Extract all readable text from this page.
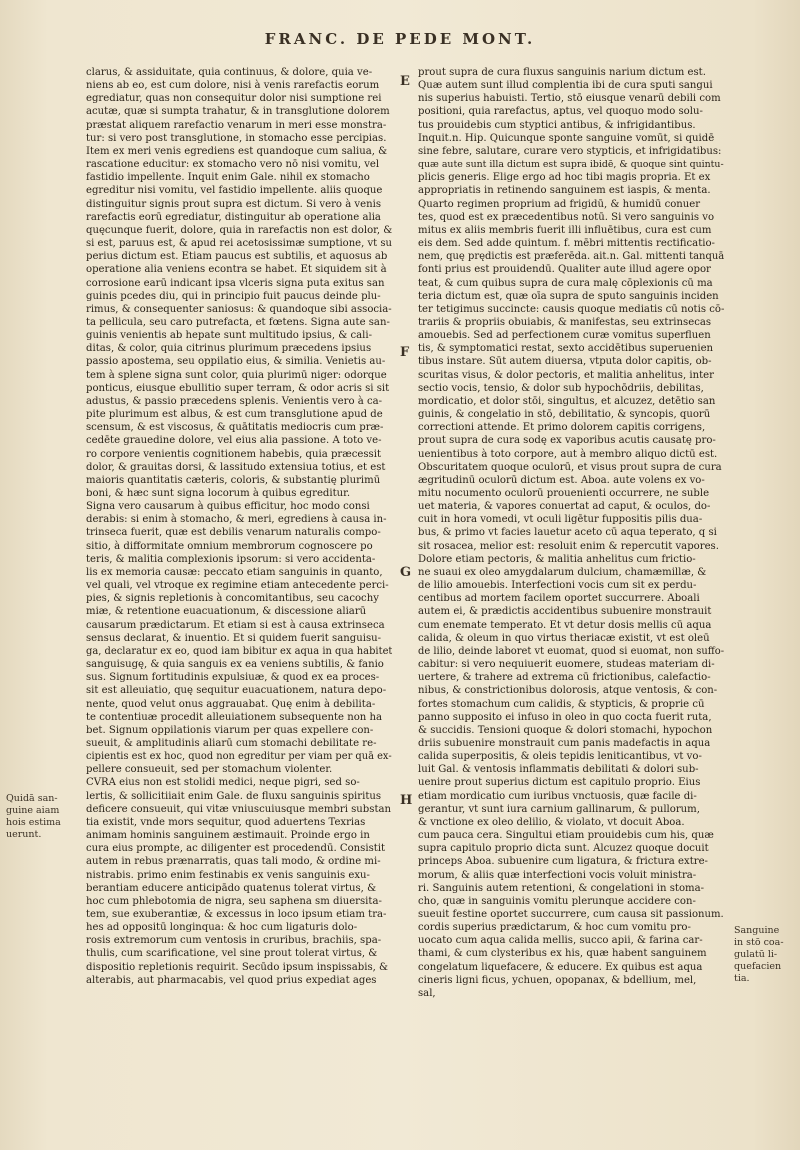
FRANC. DE PEDE MONT.
E
F
G
H
clarus, & assiduitate, quia continuus, & dolore, quia ve-
niens ab eo, est cum dolore, nisi à venis rarefactis eorum
egrediatur, quas non consequitur dolor nisi sumptione rei
acutæ, quæ si sumpta trahatur, & in transglutione dolorem
præstat aliquem rarefactio venarum in meri esse monstra-
tur: si vero post transglutione, in stomacho esse percipias.
Item ex meri venis egrediens est quandoque cum saliua, &
rascatione educitur: ex stomacho vero nō nisi vomitu, vel
fastidio impellente. Inquit enim Gale. nihil ex stomacho
egreditur nisi vomitu, vel fastidio impellente. aliis quoque
distinguitur signis prout supra est dictum. Si vero à venis
rarefactis eorū egrediatur, distinguitur ab operatione alia
quęcunque fuerit, dolore, quia in rarefactis non est dolor, &
si est, paruus est, & apud rei acetosissimæ sumptione, vt su
perius dictum est. Etiam paucus est subtilis, et aquosus ab
operatione alia veniens econtra se habet. Et siquidem sit à
corrosione earū indicant ipsa vlceris signa puta exitus san
guinis pcedes diu, qui in principio fuit paucus deinde plu-
rimus, & consequenter saniosus: & quandoque sibi associa-
ta pellicula, seu caro putrefacta, et fœtens. Signa aute san-
guinis venientis ab hepate sunt multitudo ipsius, & cali-
ditas, & color, quia citrinus plurimum præcedens ipsius
passio apostema, seu oppilatio eius, & similia. Venietis au-
tem à splene signa sunt color, quia plurimū niger: odorque
ponticus, eiusque ebullitio super terram, & odor acris si sit
adustus, & passio præcedens splenis. Venientis vero à ca-
pite plurimum est albus, & est cum transglutione apud de
scensum, & est viscosus, & quātitatis mediocris cum præ-
cedēte grauedine dolore, vel eius alia passione. A toto ve-
ro corpore venientis cognitionem habebis, quia præcessit
dolor, & grauitas dorsi, & lassitudo extensiua totius, et est
maioris quantitatis cæteris, coloris, & substantię plurimū
boni, & hæc sunt signa locorum à quibus egreditur.
Signa vero causarum à quibus efficitur, hoc modo consi
derabis: si enim à stomacho, & meri, egrediens à causa in-
trinseca fuerit, quæ est debilis venarum naturalis compo-
sitio, à difformitate omnium membrorum cognoscere po
teris, & malitia complexionis ipsorum: si vero accidenta-
lis ex memoria causæ: peccato etiam sanguinis in quanto,
vel quali, vel vtroque ex regimine etiam antecedente perci-
pies, & signis repletionis à concomitantibus, seu cacochy
miæ, & retentione euacuationum, & discessione aliarū
causarum prædictarum. Et etiam si est à causa extrinseca
sensus declarat, & inuentio. Et si quidem fuerit sanguisu-
ga, declaratur ex eo, quod iam bibitur ex aqua in qua habitet
sanguisugę, & quia sanguis ex ea veniens subtilis, & fanio
sus. Signum fortitudinis expulsiuæ, & quod ex ea proces-
sit est alleuiatio, quę sequitur euacuationem, natura depo-
nente, quod velut onus aggrauabat. Quę enim à debilita-
te contentiuæ procedit alleuiationem subsequente non ha
bet. Signum oppilationis viarum per quas expellere con-
sueuit, & amplitudinis aliarū cum stomachi debilitate re-
cipientis est ex hoc, quod non egreditur per viam per quā ex-
pellere consueuit, sed per stomachum violenter.
CVRA eius non est stolidi medici, neque pigri, sed so-
lertis, & sollicitiiait enim Gale. de fluxu sanguinis spiritus
deficere consueuit, qui vitæ vniuscuiusque membri substan
tia existit, vnde mors sequitur, quod aduertens Texrias
animam hominis sanguinem æstimauit. Proinde ergo in
cura eius prompte, ac diligenter est procedendū. Consistit
autem in rebus prænarratis, quas tali modo, & ordine mi-
nistrabis. primo enim festinabis ex venis sanguinis exu-
berantiam educere anticipādo quatenus tolerat virtus, &
hoc cum phlebotomia de nigra, seu saphena sm diuersita-
tem, sue exuberantiæ, & excessus in loco ipsum etiam tra-
hes ad oppositū longinqua: & hoc cum ligaturis dolo-
rosis extremorum cum ventosis in cruribus, brachiis, spa-
thulis, cum scarificatione, vel sine prout tolerat virtus, &
dispositio repletionis requirit. Secūdo ipsum inspissabis, &
alterabis, aut pharmacabis, vel quod prius expediat ages
prout supra de cura fluxus sanguinis narium dictum est.
Quæ autem sunt illud complentia ibi de cura sputi sangui
nis superius habuisti. Tertio, stō eiusque venarū debili com
positioni, quia rarefactus, aptus, vel quoquo modo solu-
tus prouidebis cum styptici antibus, & infrigidantibus.
Inquit.n. Hip. Quicunque sponte sanguine vomūt, si quidē
sine febre, salutare, curare vero stypticis, et infrigidatibus:
quæ aute sunt illa dictum est supra ibidē, & quoque sint quintu-
plicis generis. Elige ergo ad hoc tibi magis propria. Et ex
appropriatis in retinendo sanguinem est iaspis, & menta.
Quarto regimen proprium ad frigidū, & humidū conuer
tes, quod est ex præcedentibus notū. Si vero sanguinis vo
mitus ex aliis membris fuerit illi influētibus, cura est cum
eis dem. Sed adde quintum. f. mēbri mittentis rectificatio-
nem, quę prędictis est præferēda. ait.n. Gal. mittenti tanquā
fonti prius est prouidendū. Qualiter aute illud agere opor
teat, & cum quibus supra de cura malę cōplexionis cū ma
teria dictum est, quæ oīa supra de sputo sanguinis inciden
ter tetigimus succincte: causis quoque mediatis cū notis cō-
trariis & propriis obuiabis, & manifestas, seu extrinsecas
amouebis. Sed ad perfectionem curæ vomitus superfluen
tis, & symptomatici restat, sexto accidētibus superuenien
tibus instare. Sūt autem diuersa, vtputa dolor capitis, ob-
scuritas visus, & dolor pectoris, et malitia anhelitus, inter
sectio vocis, tensio, & dolor sub hypochōdriis, debilitas,
mordicatio, et dolor stōi, singultus, et alcuzez, detētio san
guinis, & congelatio in stō, debilitatio, & syncopis, quorū
correctioni attende. Et primo dolorem capitis corrigens,
prout supra de cura sodę ex vaporibus acutis causatę pro-
uenientibus à toto corpore, aut à membro aliquo dictū est.
Obscuritatem quoque oculorū, et visus prout supra de cura
ægritudinū oculorū dictum est. Aboa. aute volens ex vo-
mitu nocumento oculorū prouenienti occurrere, ne suble
uet materia, & vapores conuertat ad caput, & oculos, do-
cuit in hora vomedi, vt oculi ligētur fuppositis pilis dua-
bus, & primo vt facies lauetur aceto cū aqua teperato, q si
sit rosacea, melior est: resoluit enim & repercutit vapores.
Dolore etiam pectoris, & malitia anhelitus cum frictio-
ne suaui ex oleo amygdalarum dulcium, chamæmillæ, &
de lilio amouebis. Interfectioni vocis cum sit ex perdu-
centibus ad mortem facilem oportet succurrere. Aboali
autem ei, & prædictis accidentibus subuenire monstrauit
cum enemate temperato. Et vt detur dosis mellis cū aqua
calida, & oleum in quo virtus theriacæ existit, vt est oleū
de lilio, deinde laboret vt euomat, quod si euomat, non suffo-
cabitur: si vero nequiuerit euomere, studeas materiam di-
uertere, & trahere ad extrema cū frictionibus, calefactio-
nibus, & constrictionibus dolorosis, atque ventosis, & con-
fortes stomachum cum calidis, & stypticis, & proprie cū
panno supposito ei infuso in oleo in quo cocta fuerit ruta,
& succidis. Tensioni quoque & dolori stomachi, hypochon
driis subuenire monstrauit cum panis madefactis in aqua
calida superpositis, & oleis tepidis leniticantibus, vt vo-
luit Gal. & ventosis inflammatis debilitati & dolori sub-
uenire prout superius dictum est capitulo proprio. Eius
etiam mordicatio cum iuribus vnctuosis, quæ facile di-
gerantur, vt sunt iura carnium gallinarum, & pullorum,
& vnctione ex oleo delilio, & violato, vt docuit Aboa.
cum pauca cera. Singultui etiam prouidebis cum his, quæ
supra capitulo proprio dicta sunt. Alcuzez quoque docuit
princeps Aboa. subuenire cum ligatura, & frictura extre-
morum, & aliis quæ interfectioni vocis voluit ministra-
ri. Sanguinis autem retentioni, & congelationi in stoma-
cho, quæ in sanguinis vomitu plerunque accidere con-
sueuit festine oportet succurrere, cum causa sit passionum.
cordis superius prædictarum, & hoc cum vomitu pro-
uocato cum aqua calida mellis, succo apii, & farina car-
thami, & cum clysteribus ex his, quæ habent sanguinem
congelatum liquefacere, & educere. Ex quibus est aqua
cineris ligni ficus, ychuen, opopanax, & bdellium, mel,
sal,
Quidā san-
guine aiam
hois estima
uerunt.
Sanguine
in stō coa-
gulatū li-
quefacien
tia.
